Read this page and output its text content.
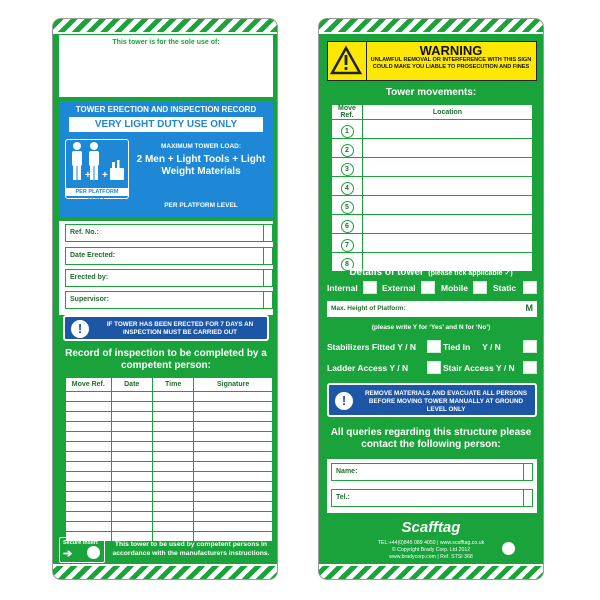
This tower is for the sole use of:
TOWER ERECTION AND INSPECTION RECORD
VERY LIGHT DUTY USE ONLY
+ +
PER PLATFORM LEVEL
MAXIMUM TOWER LOAD:
2 Men + Light Tools + Light Weight Materials
PER PLATFORM LEVEL
Ref. No.:
Date Erected:
Erected by:
Supervisor:
!	IF TOWER HAS BEEN ERECTED FOR 7 DAYS AN INSPECTION MUST BE CARRIED OUT
Record of inspection to be completed by a competent person:
Move Ref.	Date	Time	Signature

Secure Insert
➔
This tower to be used by competent persons in accordance with the manufacturers instructions.
WARNING
UNLAWFUL REMOVAL OR INTERFERENCE WITH THIS SIGN COULD MAKE YOU LIABLE TO PROSECUTION AND FINES
Tower movements:
Move Ref.	Location
1	
2	
3	
4	
5	
6	
7	
8	
Details of tower (please tick applicable ✓)
Internal	External	Mobile	Static
Max. Height of Platform:	M
(please write Y for ‘Yes’ and N for ‘No’)
Stabilizers Fitted Y / N	Tied In Y / N
Ladder Access Y / N	Stair Access Y / N
!	REMOVE MATERIALS AND EVACUATE ALL PERSONS BEFORE MOVING TOWER MANUALLY AT GROUND LEVEL ONLY
All queries regarding this structure please contact the following person:
Name:
Tel.:
Scafftag
TEL:+44(0)845 089 4050 | www.scafftag.co.uk
© Copyright Brady Corp. Ltd 2012
www.bradycorp.com | Ref. STSI 368
